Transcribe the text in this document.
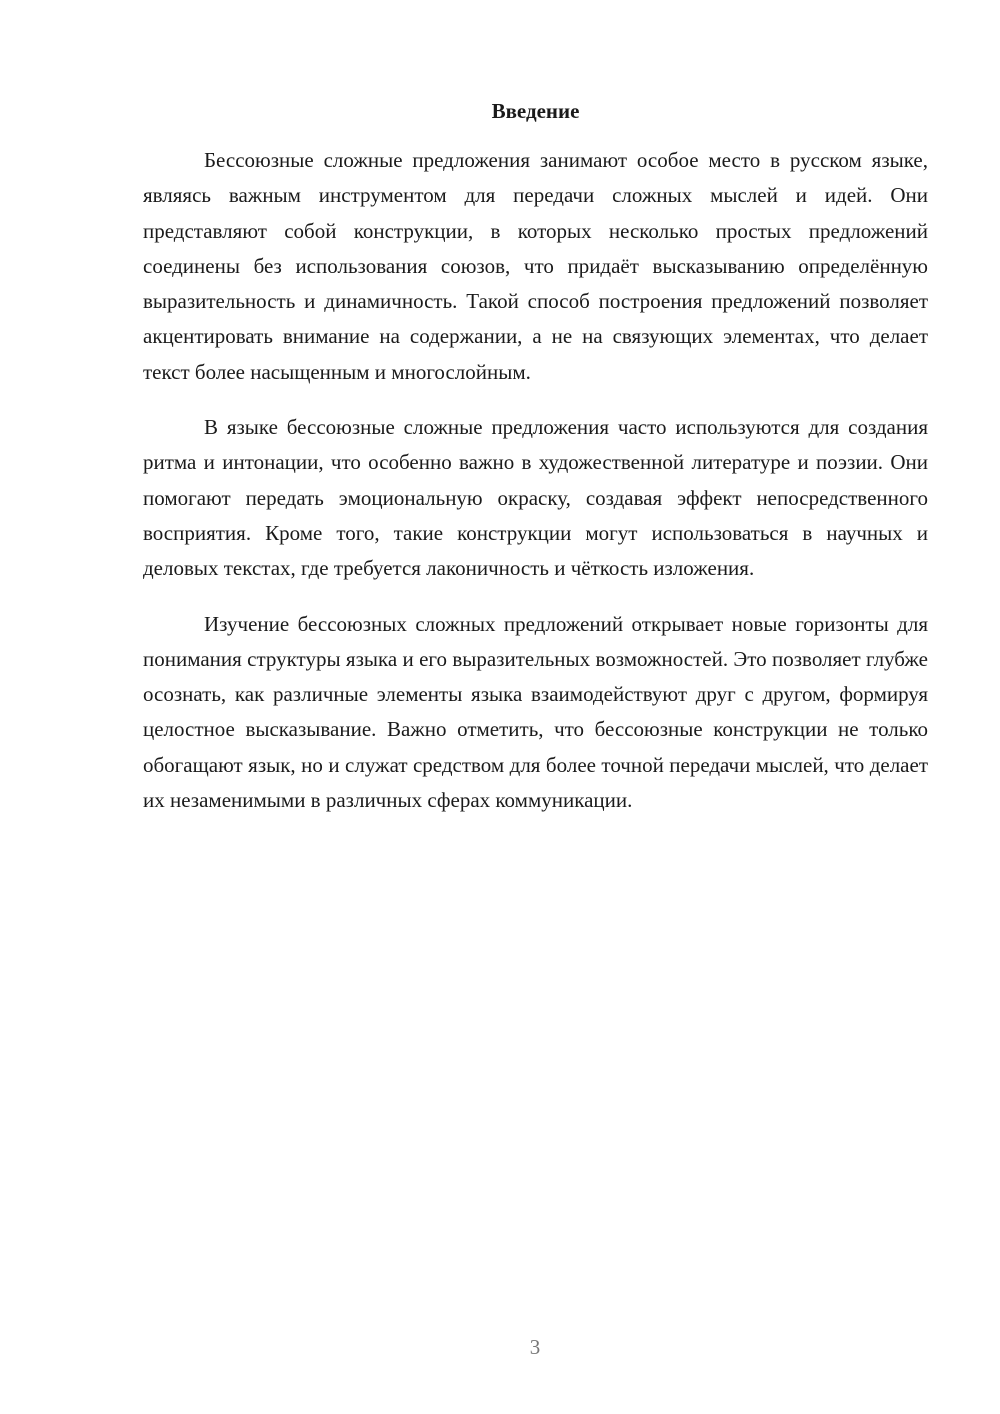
Введение

Бессоюзные сложные предложения занимают особое место в русском языке, являясь важным инструментом для передачи сложных мыслей и идей. Они представляют собой конструкции, в которых несколько простых предложений соединены без использования союзов, что придаёт высказыванию определённую выразительность и динамичность. Такой способ построения предложений позволяет акцентировать внимание на содержании, а не на связующих элементах, что делает текст более насыщенным и многослойным.

В языке бессоюзные сложные предложения часто используются для создания ритма и интонации, что особенно важно в художественной литературе и поэзии. Они помогают передать эмоциональную окраску, создавая эффект непосредственного восприятия. Кроме того, такие конструкции могут использоваться в научных и деловых текстах, где требуется лаконичность и чёткость изложения.

Изучение бессоюзных сложных предложений открывает новые горизонты для понимания структуры языка и его выразительных возможностей. Это позволяет глубже осознать, как различные элементы языка взаимодействуют друг с другом, формируя целостное высказывание. Важно отметить, что бессоюзные конструкции не только обогащают язык, но и служат средством для более точной передачи мыслей, что делает их незаменимыми в различных сферах коммуникации.

3
